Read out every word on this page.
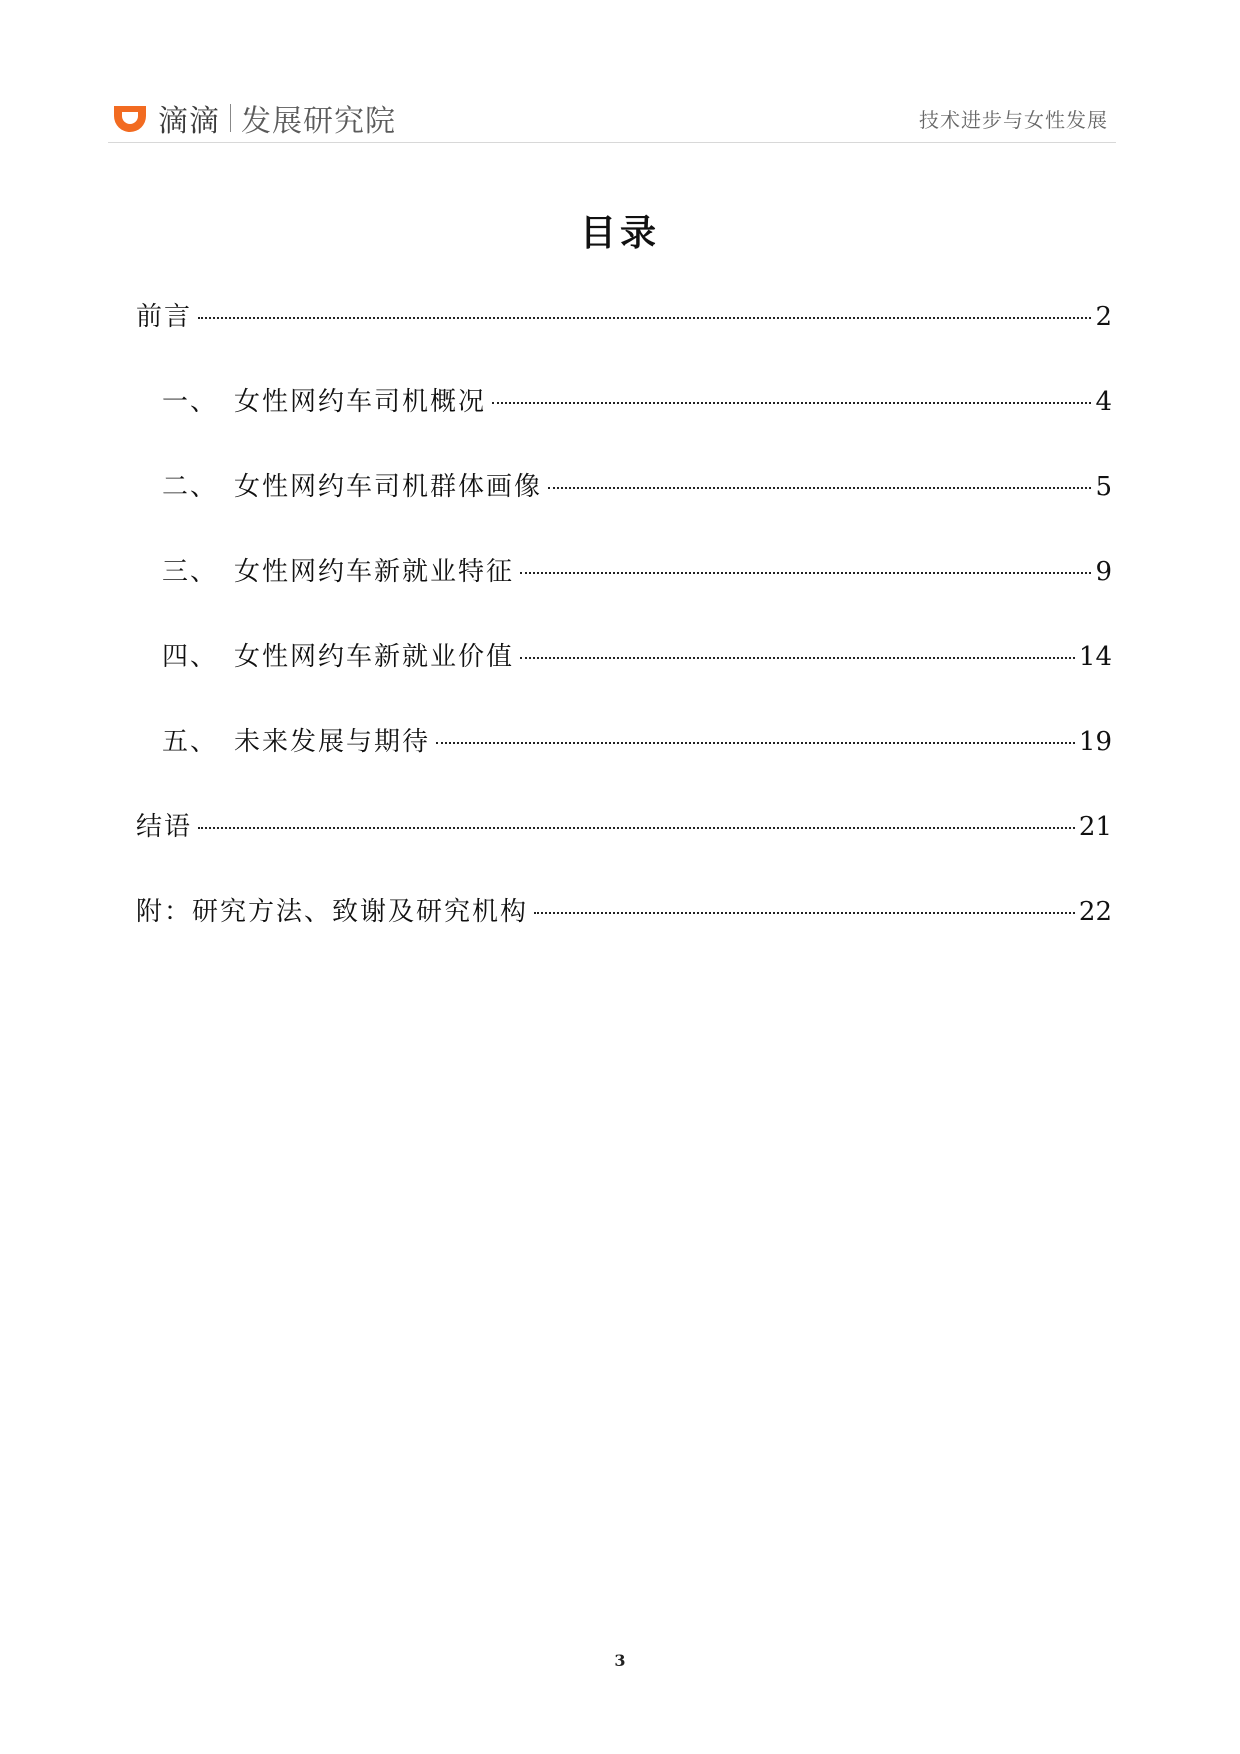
滴滴 发展研究院	技术进步与女性发展
目录
前言	2
一、 女性网约车司机概况	4
二、 女性网约车司机群体画像	5
三、 女性网约车新就业特征	9
四、 女性网约车新就业价值	14
五、 未来发展与期待	19
结语	21
附：研究方法、致谢及研究机构	22
3
